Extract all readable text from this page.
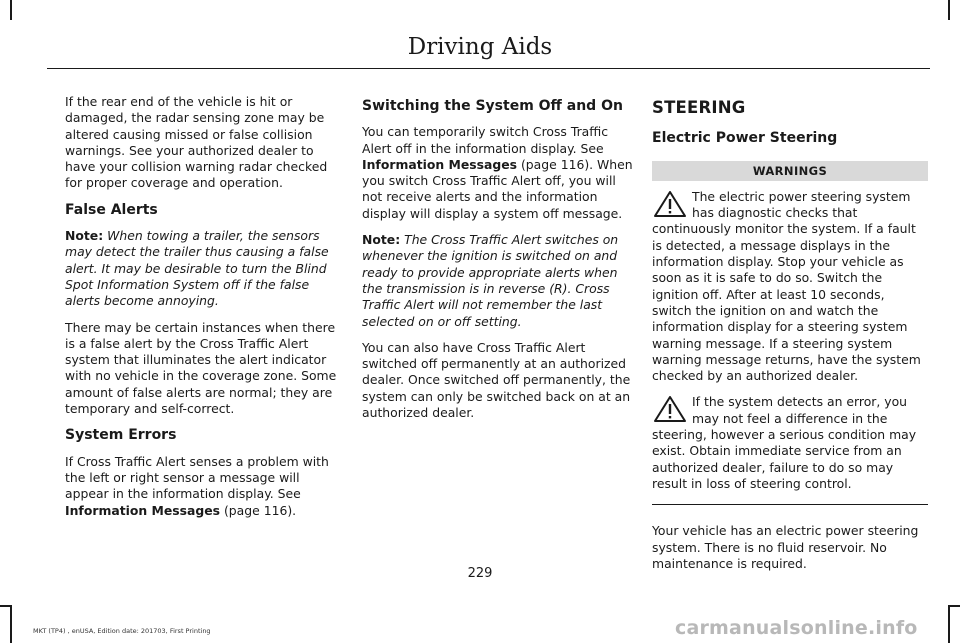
Driving Aids

If the rear end of the vehicle is hit or damaged, the radar sensing zone may be altered causing missed or false collision warnings. See your authorized dealer to have your collision warning radar checked for proper coverage and operation.

False Alerts

Note: When towing a trailer, the sensors may detect the trailer thus causing a false alert. It may be desirable to turn the Blind Spot Information System off if the false alerts become annoying.

There may be certain instances when there is a false alert by the Cross Traffic Alert system that illuminates the alert indicator with no vehicle in the coverage zone. Some amount of false alerts are normal; they are temporary and self-correct.

System Errors

If Cross Traffic Alert senses a problem with the left or right sensor a message will appear in the information display. See Information Messages (page 116).

Switching the System Off and On

You can temporarily switch Cross Traffic Alert off in the information display. See Information Messages (page 116). When you switch Cross Traffic Alert off, you will not receive alerts and the information display will display a system off message.

Note: The Cross Traffic Alert switches on whenever the ignition is switched on and ready to provide appropriate alerts when the transmission is in reverse (R). Cross Traffic Alert will not remember the last selected on or off setting.

You can also have Cross Traffic Alert switched off permanently at an authorized dealer. Once switched off permanently, the system can only be switched back on at an authorized dealer.

STEERING
Electric Power Steering
WARNINGS
The electric power steering system has diagnostic checks that continuously monitor the system. If a fault is detected, a message displays in the information display. Stop your vehicle as soon as it is safe to do so. Switch the ignition off. After at least 10 seconds, switch the ignition on and watch the information display for a steering system warning message. If a steering system warning message returns, have the system checked by an authorized dealer.
If the system detects an error, you may not feel a difference in the steering, however a serious condition may exist. Obtain immediate service from an authorized dealer, failure to do so may result in loss of steering control.

Your vehicle has an electric power steering system. There is no fluid reservoir. No maintenance is required.

229
MKT (TP4) , enUSA, Edition date: 201703, First Printing	carmanualsonline.info
